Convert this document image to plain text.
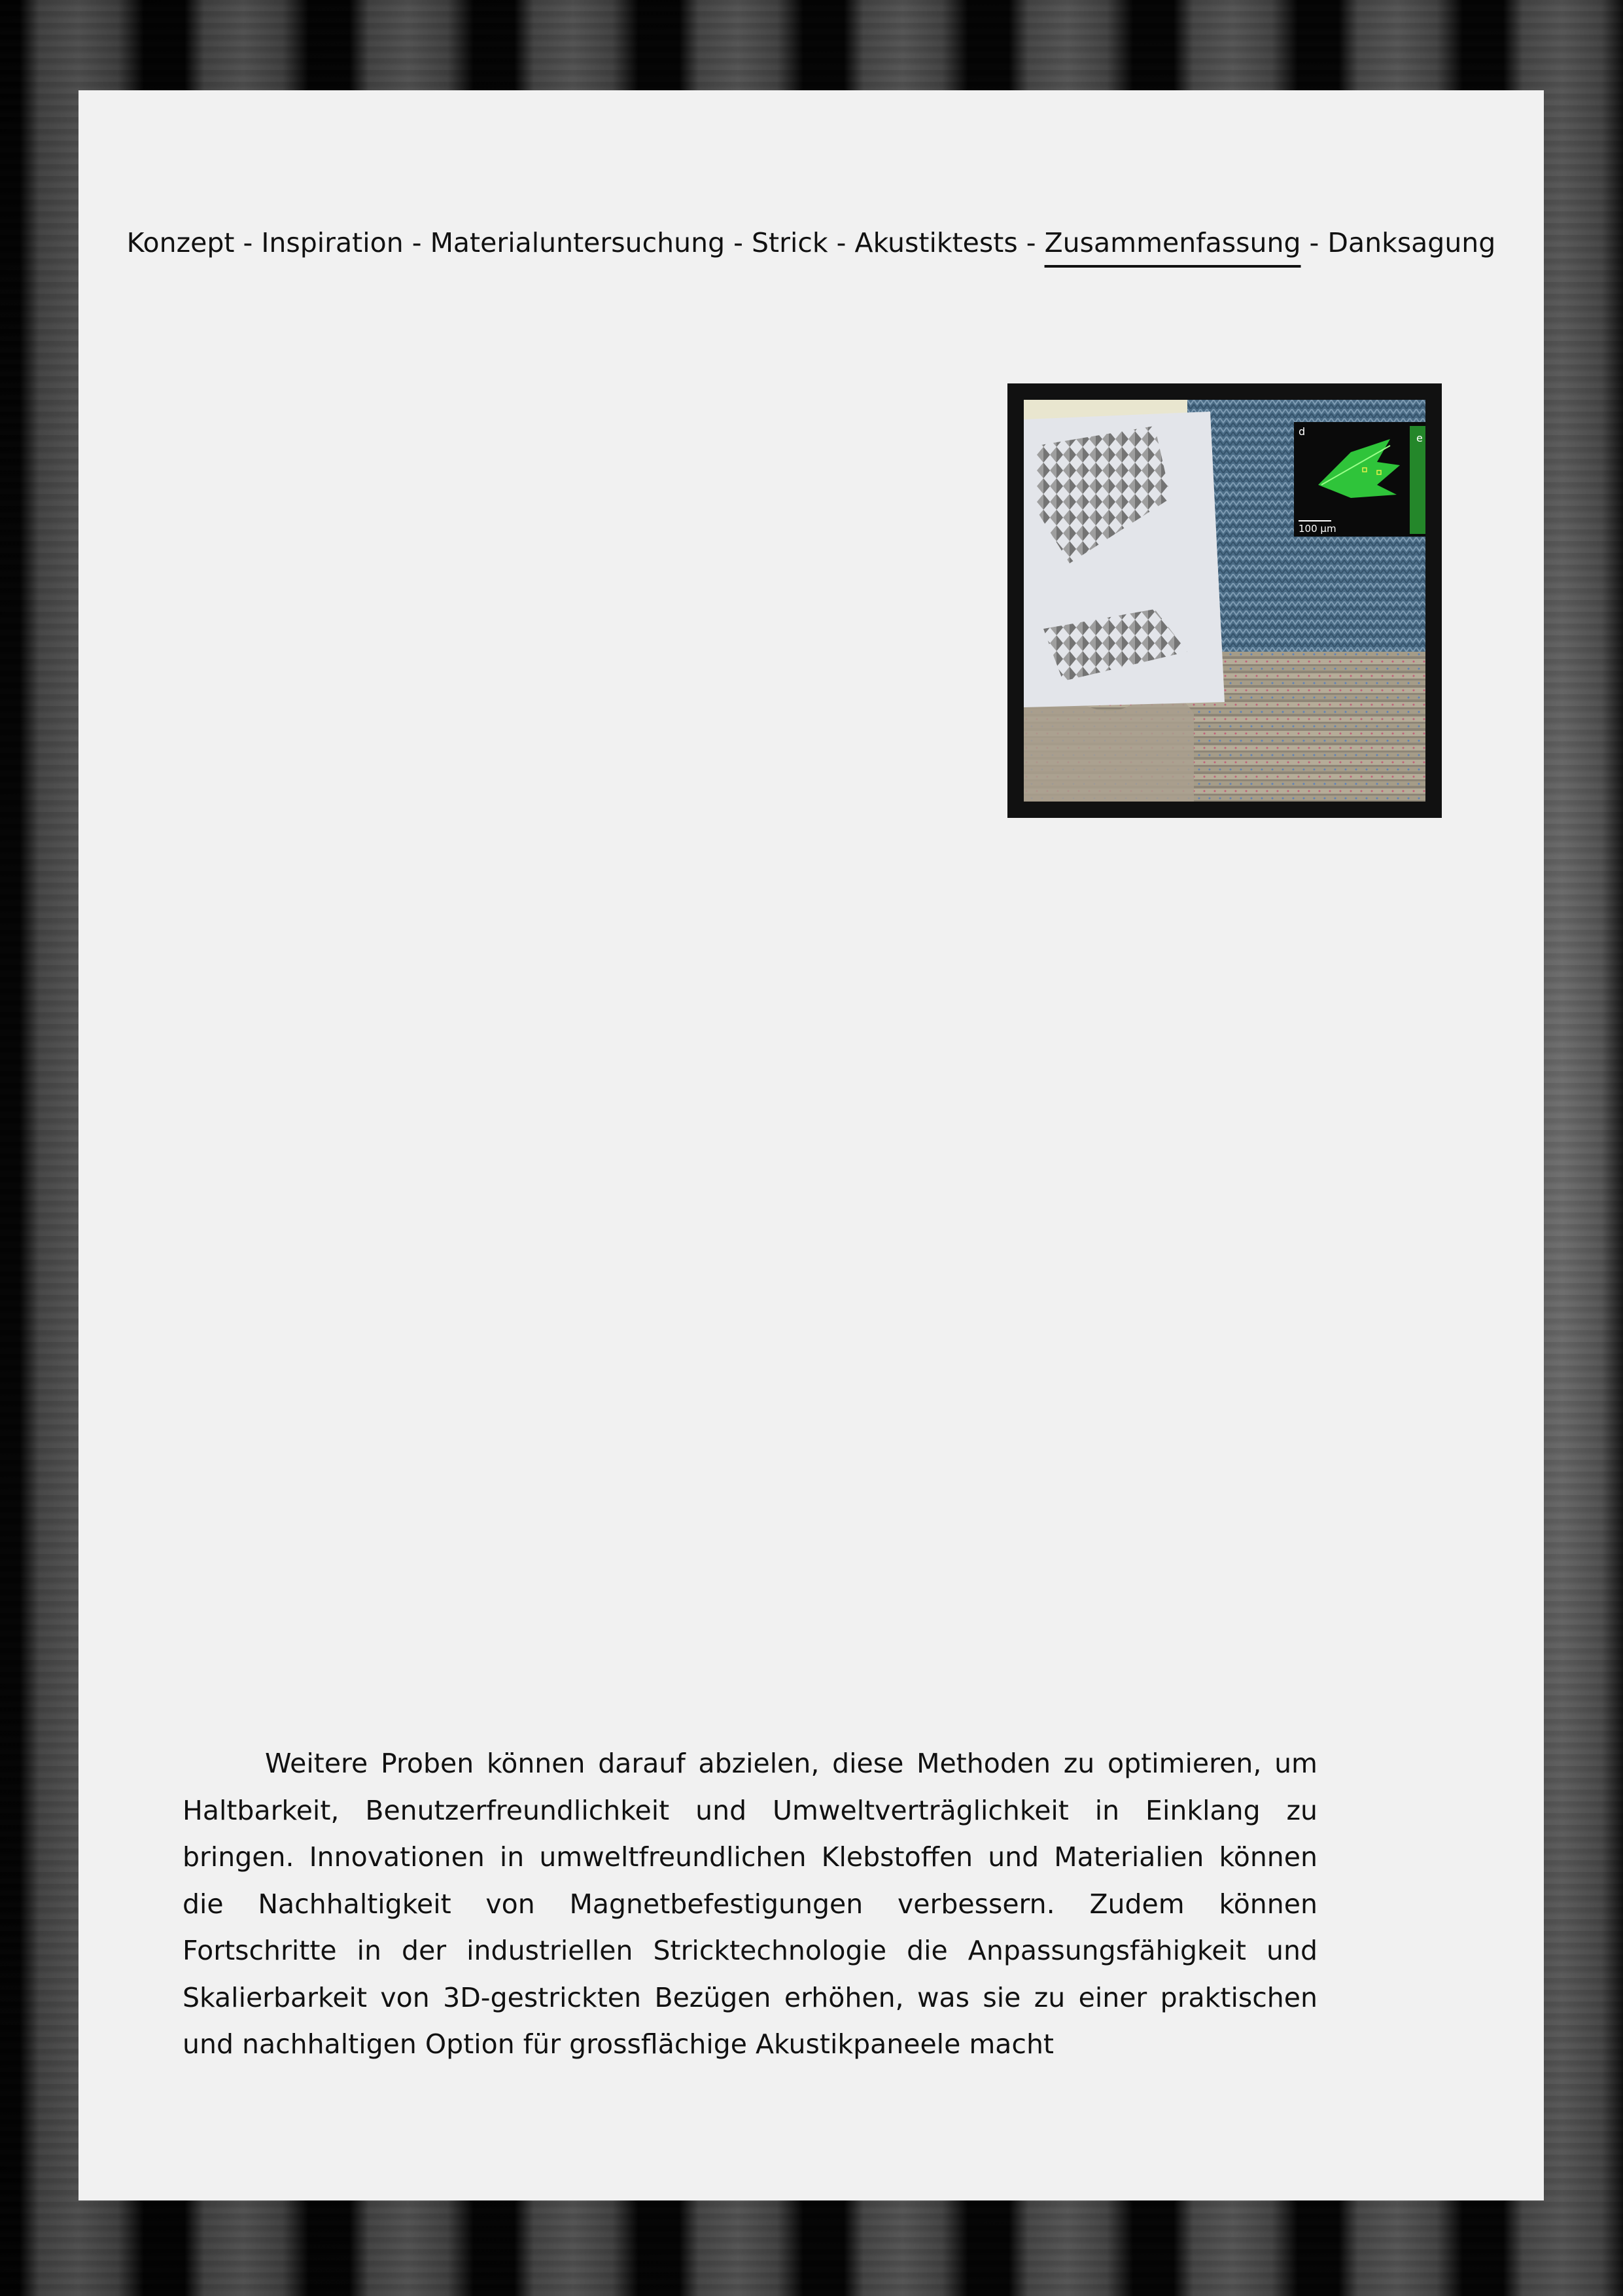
Konzept - Inspiration - Materialuntersuchung - Strick - Akustiktests - Zusammenfassung - Danksagung
d
e
100 µm

Weitere Proben können darauf abzielen, diese Methoden zu optimieren, um Haltbarkeit, Benutzerfreundlichkeit und Umweltverträglichkeit in Einklang zu bringen. Innovationen in umweltfreundlichen Klebstoffen und Materialien können die Nachhaltigkeit von Magnetbefestigungen verbessern. Zudem können Fortschritte in der industriellen Stricktechnologie die Anpassungsfähigkeit und Skalierbarkeit von 3D-gestrickten Bezügen erhöhen, was sie zu einer praktischen und nachhaltigen Option für grossflächige Akustikpaneele macht
